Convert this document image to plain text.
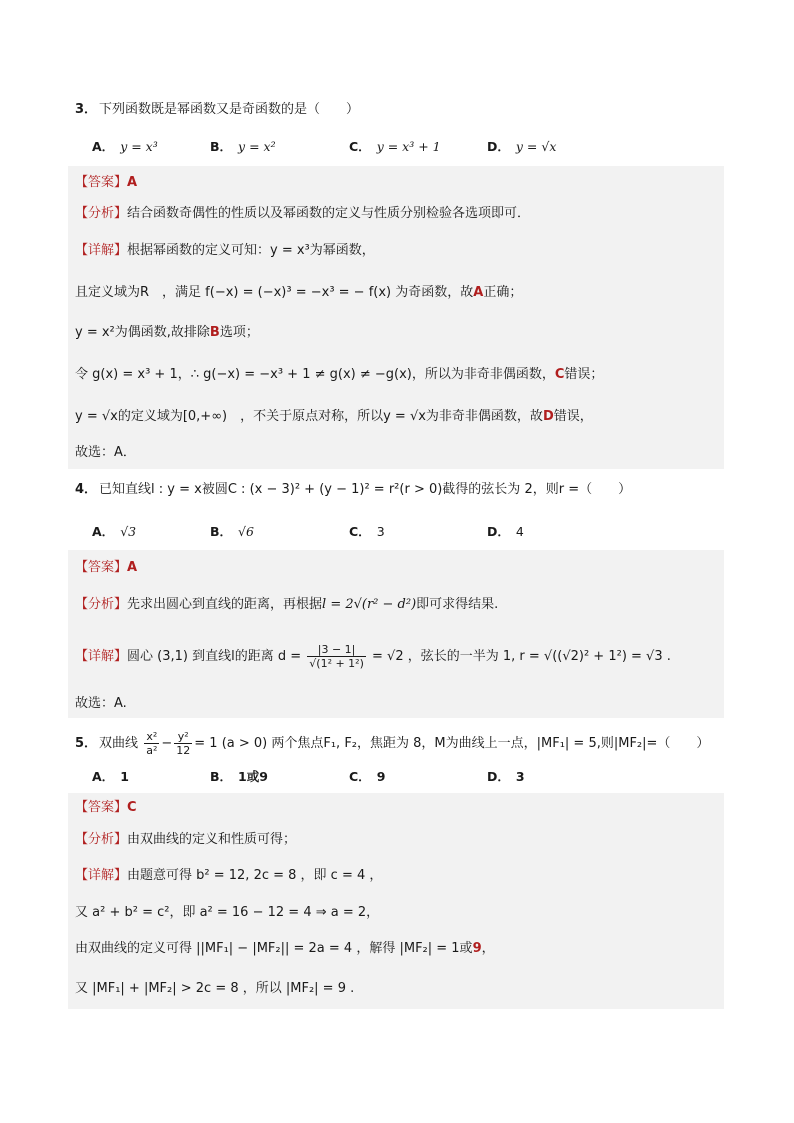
3． 下列函数既是幂函数又是奇函数的是（　　）
A． y = x³	B． y = x²	C． y = x³ + 1	D． y = √x
【答案】A
【分析】结合函数奇偶性的性质以及幂函数的定义与性质分别检验各选项即可．
【详解】根据幂函数的定义可知：y = x³为幂函数，
且定义域为R　，满足 f(−x) = (−x)³ = −x³ = − f(x) 为奇函数，故A正确；
y = x²为偶函数,故排除B选项；
令 g(x) = x³ + 1，∴ g(−x) = −x³ + 1 ≠ g(x) ≠ −g(x)，所以为非奇非偶函数，C错误；
y = √x的定义域为[0,+∞)　，不关于原点对称，所以y = √x为非奇非偶函数，故D错误，
故选：A．
4． 已知直线l : y = x被圆C : (x − 3)² + (y − 1)² = r²(r > 0)截得的弦长为 2，则r =（　　）
A． √3	B． √6	C． 3	D． 4
【答案】A
【分析】先求出圆心到直线的距离，再根据l = 2√(r² − d²)即可求得结果.
【详解】圆心 (3,1) 到直线l的距离 $d = \frac{|3 - 1|}{\text{√(1² + 1²)}} = √2$ ，弦长的一半为 1, r = √((√2)² + 1²) = √3 .
故选：A.
5． 双曲线 $\frac{\text{x²}}{\text{a²}} - \frac{\text{y²}}{12} = 1$ (a > 0) 两个焦点F₁, F₂，焦距为 8，M为曲线上一点，|MF₁| = 5,则|MF₂|=（　　）
A． 1	B． 1或9	C． 9	D． 3
【答案】C
【分析】由双曲线的定义和性质可得；
【详解】由题意可得 b² = 12, 2c = 8 ，即 c = 4 ，
又 a² + b² = c²，即 a² = 16 − 12 = 4 ⇒ a = 2，
由双曲线的定义可得 ||MF₁| − |MF₂|| = 2a = 4 ，解得 |MF₂| = 1或9，
又 |MF₁| + |MF₂| > 2c = 8 ，所以 |MF₂| = 9 .
